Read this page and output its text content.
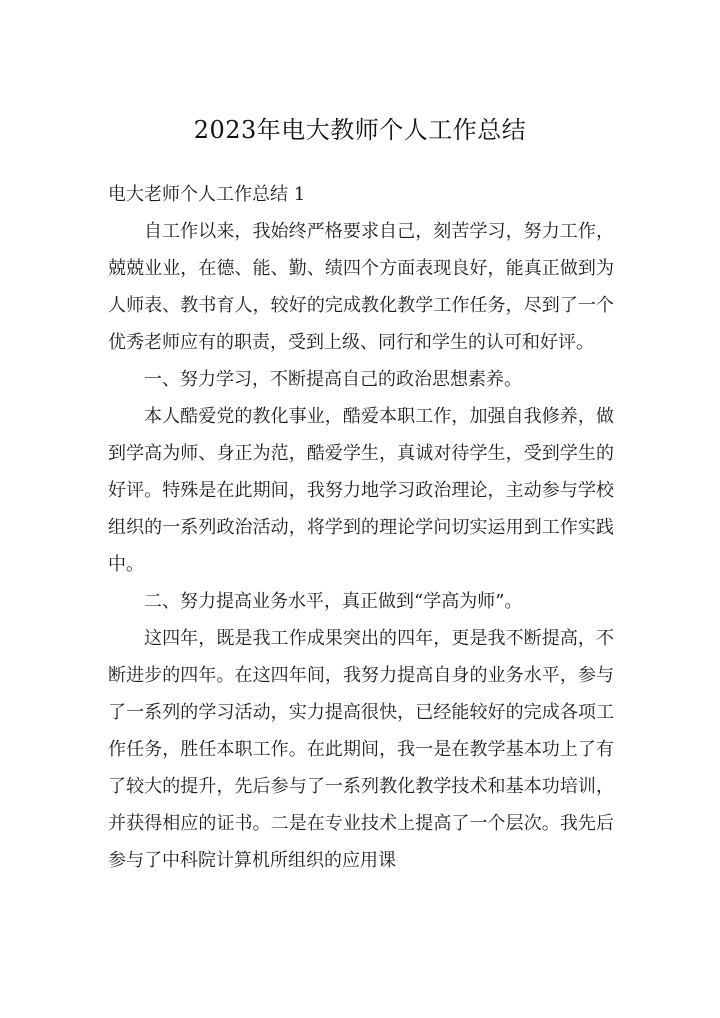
2023年电大教师个人工作总结

电大老师个人工作总结 1

自工作以来，我始终严格要求自己，刻苦学习，努力工作，兢兢业业，在德、能、勤、绩四个方面表现良好，能真正做到为人师表、教书育人，较好的完成教化教学工作任务，尽到了一个优秀老师应有的职责，受到上级、同行和学生的认可和好评。

一、努力学习，不断提高自己的政治思想素养。

本人酷爱党的教化事业，酷爱本职工作，加强自我修养，做到学高为师、身正为范，酷爱学生，真诚对待学生，受到学生的好评。特殊是在此期间，我努力地学习政治理论，主动参与学校组织的一系列政治活动，将学到的理论学问切实运用到工作实践中。

二、努力提高业务水平，真正做到“学高为师”。

这四年，既是我工作成果突出的四年，更是我不断提高，不断进步的四年。在这四年间，我努力提高自身的业务水平，参与了一系列的学习活动，实力提高很快，已经能较好的完成各项工作任务，胜任本职工作。在此期间，我一是在教学基本功上了有了较大的提升，先后参与了一系列教化教学技术和基本功培训，并获得相应的证书。二是在专业技术上提高了一个层次。我先后参与了中科院计算机所组织的应用课
